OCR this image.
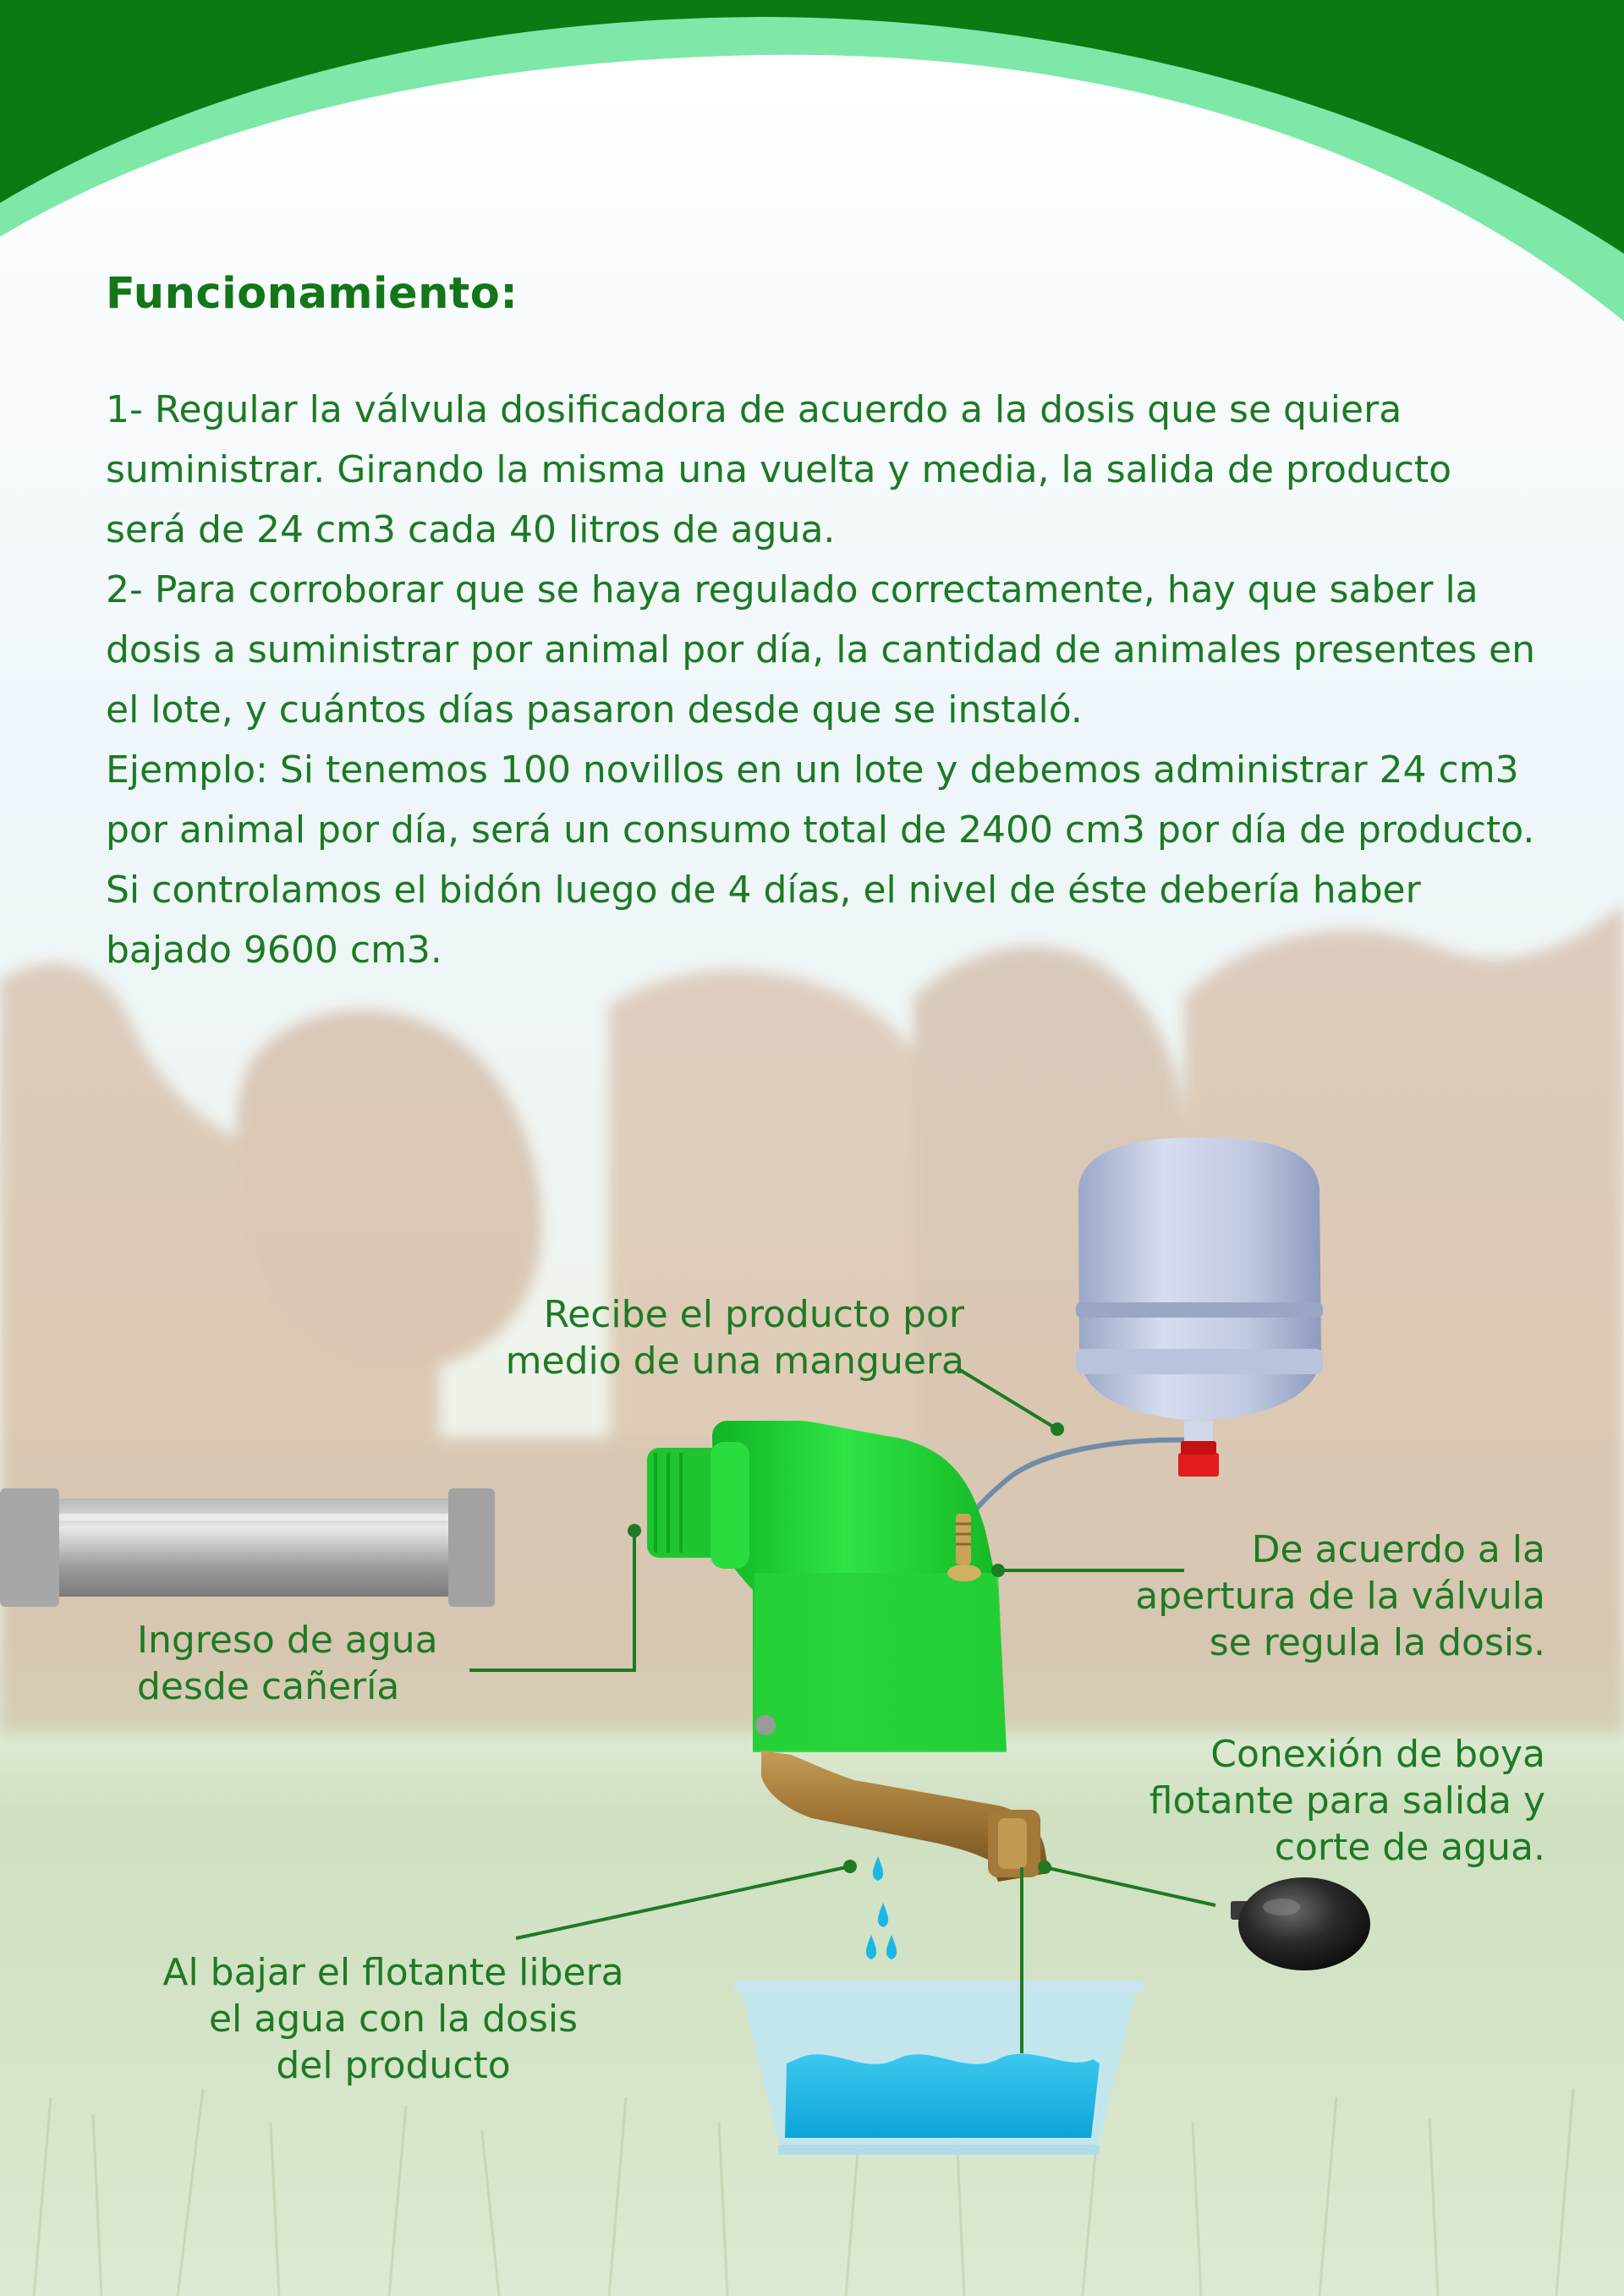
Funcionamiento:

1- Regular la válvula dosificadora de acuerdo a la dosis que se quiera suministrar. Girando la misma una vuelta y media, la salida de producto será de 24 cm3 cada 40 litros de agua.

2- Para corroborar que se haya regulado correctamente, hay que saber la dosis a suministrar por animal por día, la cantidad de animales presentes en el lote, y cuántos días pasaron desde que se instaló.

Ejemplo: Si tenemos 100 novillos en un lote y debemos administrar 24 cm3 por animal por día, será un consumo total de 2400 cm3 por día de producto.

Si controlamos el bidón luego de 4 días, el nivel de éste debería haber bajado 9600 cm3.

Recibe el producto por
medio de una manguera
Ingreso de agua
desde cañería
De acuerdo a la
apertura de la válvula
se regula la dosis.
Conexión de boya
flotante para salida y
corte de agua.
Al bajar el flotante libera
el agua con la dosis
del producto
